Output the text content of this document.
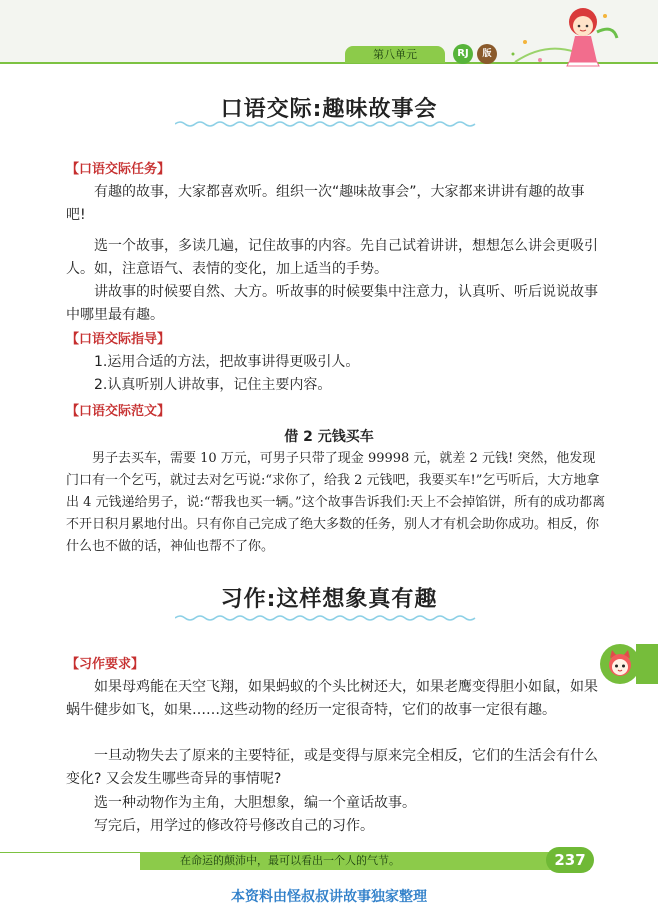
第八单元	RJ	版
口语交际:趣味故事会
【口语交际任务】

有趣的故事，大家都喜欢听。组织一次“趣味故事会”，大家都来讲讲有趣的故事吧!

选一个故事，多读几遍，记住故事的内容。先自己试着讲讲，想想怎么讲会更吸引人。如，注意语气、表情的变化，加上适当的手势。

讲故事的时候要自然、大方。听故事的时候要集中注意力，认真听、听后说说故事中哪里最有趣。

【口语交际指导】
1.运用合适的方法，把故事讲得更吸引人。
2.认真听别人讲故事，记住主要内容。
【口语交际范文】
借 2 元钱买车

男子去买车，需要 10 万元，可男子只带了现金 99998 元，就差 2 元钱! 突然，他发现门口有一个乞丐，就过去对乞丐说:“求你了，给我 2 元钱吧，我要买车!”乞丐听后，大方地拿出 4 元钱递给男子，说:“帮我也买一辆。”这个故事告诉我们:天上不会掉馅饼，所有的成功都离不开日积月累地付出。只有你自己完成了绝大多数的任务，别人才有机会助你成功。相反，你什么也不做的话，神仙也帮不了你。

习作:这样想象真有趣
【习作要求】

如果母鸡能在天空飞翔，如果蚂蚁的个头比树还大，如果老鹰变得胆小如鼠，如果蜗牛健步如飞，如果……这些动物的经历一定很奇特，它们的故事一定很有趣。

一旦动物失去了原来的主要特征，或是变得与原来完全相反，它们的生活会有什么变化? 又会发生哪些奇异的事情呢?

选一种动物作为主角，大胆想象，编一个童话故事。

写完后，用学过的修改符号修改自己的习作。

在命运的颠沛中，最可以看出一个人的气节。	237
本资料由怪叔叔讲故事独家整理
